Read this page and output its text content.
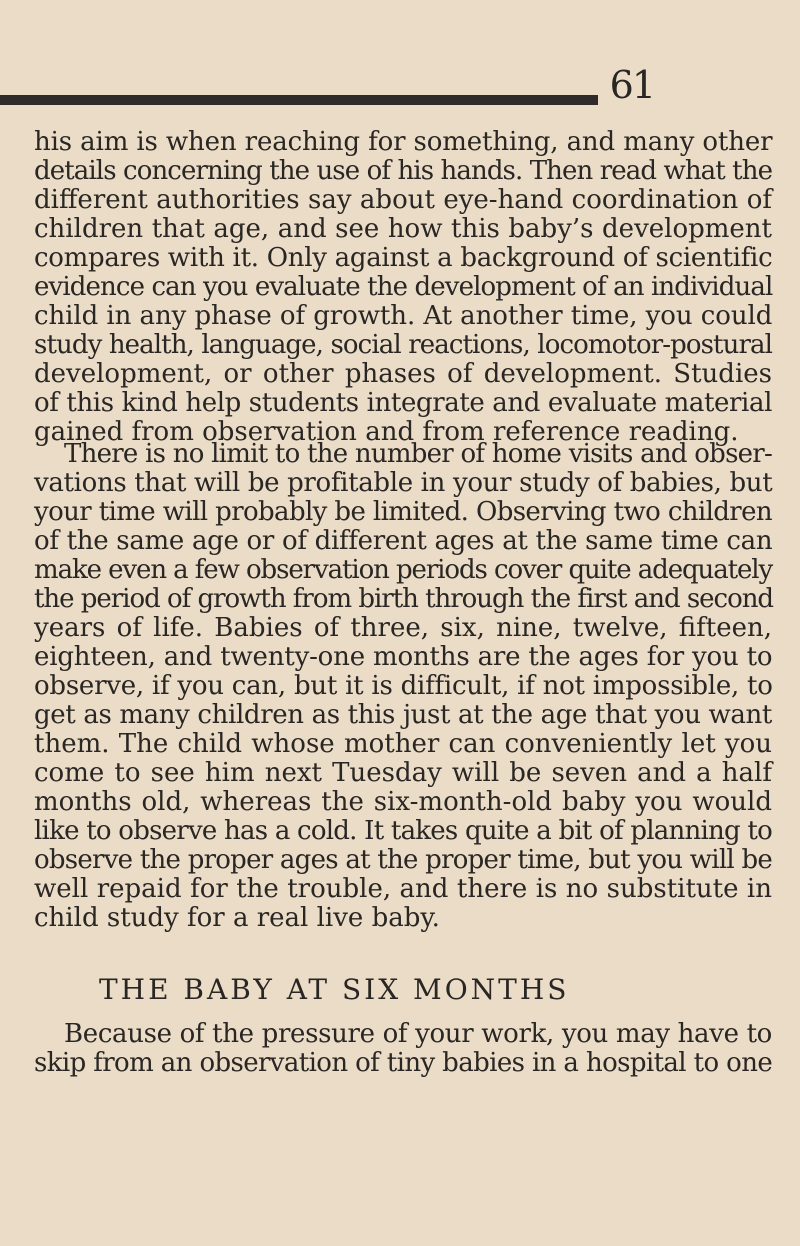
61
his aim is when reaching for something, and many other
details concerning the use of his hands. Then read what the
different authorities say about eye-hand coordination of
children that age, and see how this baby’s development
compares with it. Only against a background of scientific
evidence can you evaluate the development of an individual
child in any phase of growth. At another time, you could
study health, language, social reactions, locomotor-postural
development, or other phases of development. Studies
of this kind help students integrate and evaluate material
gained from observation and from reference reading.
There is no limit to the number of home visits and obser-
vations that will be profitable in your study of babies, but
your time will probably be limited. Observing two children
of the same age or of different ages at the same time can
make even a few observation periods cover quite adequately
the period of growth from birth through the first and second
years of life. Babies of three, six, nine, twelve, fifteen,
eighteen, and twenty-one months are the ages for you to
observe, if you can, but it is difficult, if not impossible, to
get as many children as this just at the age that you want
them. The child whose mother can conveniently let you
come to see him next Tuesday will be seven and a half
months old, whereas the six-month-old baby you would
like to observe has a cold. It takes quite a bit of planning to
observe the proper ages at the proper time, but you will be
well repaid for the trouble, and there is no substitute in
child study for a real live baby.
THE BABY AT SIX MONTHS
Because of the pressure of your work, you may have to
skip from an observation of tiny babies in a hospital to one
